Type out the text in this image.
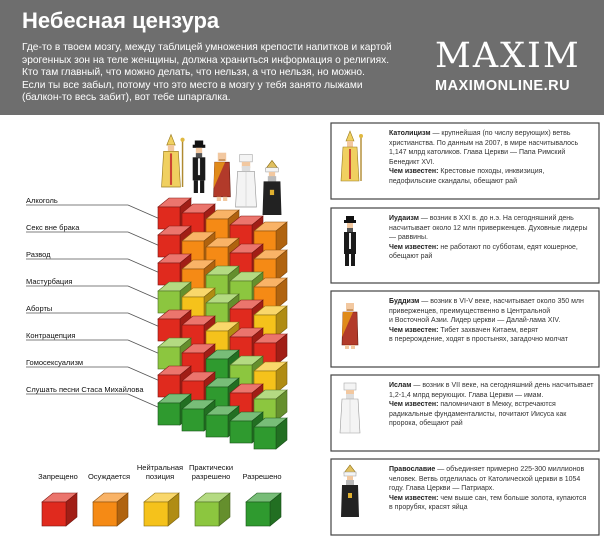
Небесная цензура
Где-то в твоем мозгу, между таблицей умножения крепости напитков и картой
эрогенных зон на теле женщины, должна храниться информация о религиях.
Кто там главный, что можно делать, что нельзя, а что нельзя, но можно.
Если ты все забыл, потому что это место в мозгу у тебя занято лыжами
(балкон-то весь забит), вот тебе шпаргалка.
MAXIM
MAXIMONLINE.RU
Алкоголь
Секс вне брака
Развод
Мастурбация
Аборты
Контрацепция
Гомосексуализм
Слушать песни Стаса Михайлова
Запрещено Осуждается
Нейтральная
позиция
Практически
разрешено Разрешено
Католицизм — крупнейшая (по числу верующих) ветвь
христианства. По данным на 2007, в мире насчитывалось
1,147 млрд католиков. Глава Церкви — Папа Римский
Бенедикт XVI.
Чем известен: Крестовые походы, инквизиция,
педофильские скандалы, обещают рай
Иудаизм — возник в XXI в. до н.э. На сегодняшний день
насчитывает около 12 млн приверженцев. Духовные лидеры
— раввины.
Чем известен: не работают по субботам, едят кошерное,
обещают рай
Буддизм — возник в VI-V веке, насчитывает около 350 млн
приверженцев, преимущественно в Центральной
и Восточной Азии. Лидер церкви — Далай-лама XIV.
Чем известен: Тибет захвачен Китаем, верят
в перерождение, ходят в простынях, загадочно молчат
Ислам — возник в VII веке, на сегодняшний день насчитывает
1,2-1,4 млрд верующих. Глава Церкви — имам.
Чем известен: паломничают в Мекку, встречаются
радикальные фундаменталисты, почитают Иисуса как
пророка, обещают рай
Православие — объединяет примерно 225-300 миллионов
человек. Ветвь отделилась от Католической церкви в 1054
году. Глава Церкви — Патриарх.
Чем известен: чем выше сан, тем больше золота, купаются
в прорубях, красят яйца
